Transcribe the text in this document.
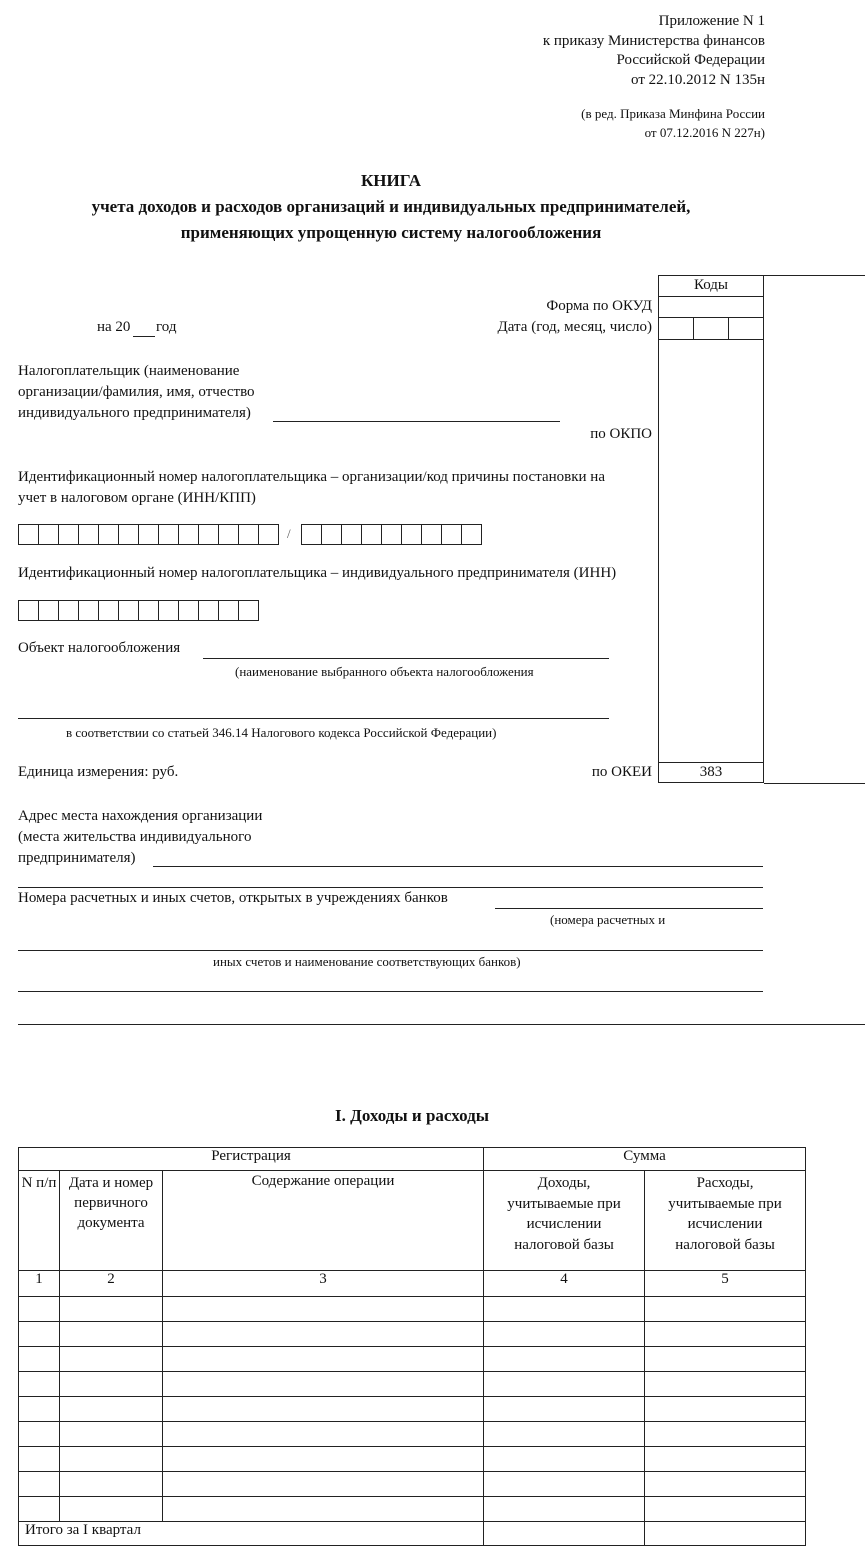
Приложение N 1
к приказу Министерства финансов
Российской Федерации
от 22.10.2012 N 135н
(в ред. Приказа Минфина России
от 07.12.2016 N 227н)
КНИГА
учета доходов и расходов организаций и индивидуальных предпринимателей,
применяющих упрощенную систему налогообложения
Коды
383
Форма по ОКУД
Дата (год, месяц, число)
по ОКПО
по ОКЕИ
на 20 год
Налогоплательщик (наименование
организации/фамилия, имя, отчество
индивидуального предпринимателя)
Идентификационный номер налогоплательщика – организации/код причины постановки на
учет в налоговом органе (ИНН/КПП)
/
Идентификационный номер налогоплательщика – индивидуального предпринимателя (ИНН)
Объект налогообложения
(наименование выбранного объекта налогообложения
в соответствии со статьей 346.14 Налогового кодекса Российской Федерации)
Единица измерения: руб.
Адрес места нахождения организации
(места жительства индивидуального
предпринимателя)
Номера расчетных и иных счетов, открытых в учреждениях банков
(номера расчетных и
иных счетов и наименование соответствующих банков)
I. Доходы и расходы
Регистрация			Сумма	
N п/п	Дата и номер первичного документа	Содержание операции	Доходы, учитываемые при исчислении налоговой базы	Расходы, учитываемые при исчислении налоговой базы
1	2	3	4	5

Итого за I квартал				
